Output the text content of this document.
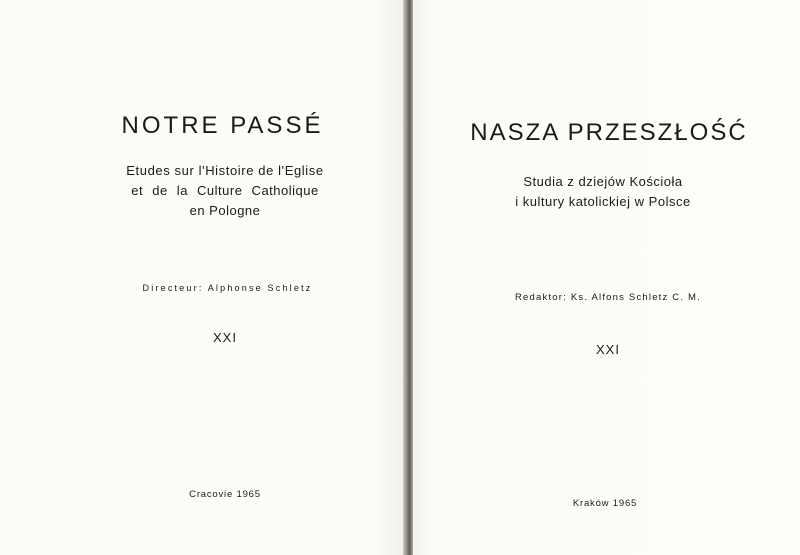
NOTRE PASSÉ
Etudes sur l'Histoire de l'Eglise
et de la Culture Catholique
en Pologne
Directeur: Alphonse Schletz
XXI
Cracovie 1965
NASZA PRZESZŁOŚĆ
Studia z dziejów Kościoła
i kultury katolickiej w Polsce
Redaktor: Ks. Alfons Schletz C. M.
XXI
Kraków 1965
